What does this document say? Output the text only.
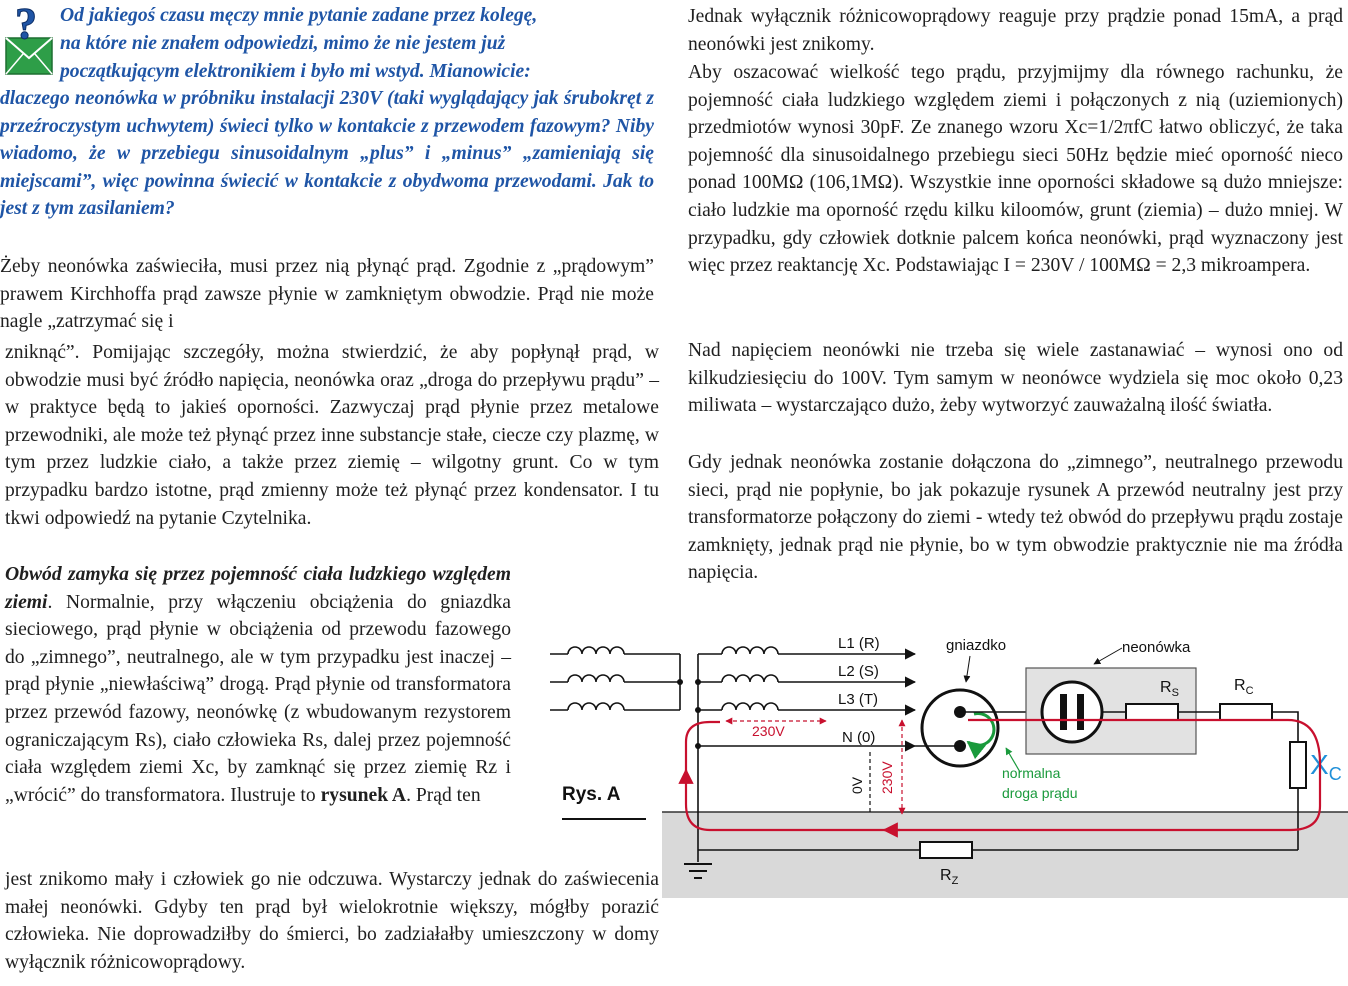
? Od jakiegoś czasu męczy mnie pytanie zadane przez kolegę,
na które nie znałem odpowiedzi, mimo że nie jestem już
początkującym elektronikiem i było mi wstyd. Mianowicie:
dlaczego neonówka w próbniku instalacji 230V (taki wyglądający jak śrubokręt z przeźroczystym uchwytem) świeci tylko w kontakcie z przewodem fazowym? Niby wiadomo, że w przebiegu sinusoidalnym „plus” i „minus” „zamieniają się miejscami”, więc powinna świecić w kontakcie z obydwoma przewodami. Jak to jest z tym zasilaniem?

Żeby neonówka zaświeciła, musi przez nią płynąć prąd. Zgodnie z „prądowym” prawem Kirchhoffa prąd zawsze płynie w zamkniętym obwodzie. Prąd nie może nagle „zatrzymać się i

zniknąć”. Pomijając szczegóły, można stwierdzić, że aby popłynął prąd, w obwodzie musi być źródło napięcia, neonówka oraz „droga do przepływu prądu” – w praktyce będą to jakieś oporności. Zazwyczaj prąd płynie przez metalowe przewodniki, ale może też płynąć przez inne substancje stałe, ciecze czy plazmę, w tym przez ludzkie ciało, a także przez ziemię – wilgotny grunt. Co w tym przypadku bardzo istotne, prąd zmienny może też płynąć przez kondensator. I tu tkwi odpowiedź na pytanie Czytelnika.

Obwód zamyka się przez pojemność ciała ludzkiego względem ziemi. Normalnie, przy włączeniu obciążenia do gniazdka sieciowego, prąd płynie w obciążenia od przewodu fazowego do „zimnego”, neutralnego, ale w tym przypadku jest inaczej – prąd płynie „niewłaściwą” drogą. Prąd płynie od transformatora przez przewód fazowy, neonówkę (z wbudowanym rezystorem ograniczającym Rs), ciało człowieka Rs, dalej przez pojemność ciała względem ziemi Xc, by zamknąć się przez ziemię Rz i „wrócić” do transformatora. Ilustruje to rysunek A. Prąd ten

jest znikomo mały i człowiek go nie odczuwa. Wystarczy jednak do zaświecenia małej neonówki. Gdyby ten prąd był wielokrotnie większy, mógłby porazić człowieka. Nie doprowadziłby do śmierci, bo zadziałałby umieszczony w domy wyłącznik różnicowoprądowy.

Jednak wyłącznik różnicowoprądowy reaguje przy prądzie ponad 15mA, a prąd neonówki jest znikomy.

Aby oszacować wielkość tego prądu, przyjmijmy dla równego rachunku, że pojemność ciała ludzkiego względem ziemi i połączonych z nią (uziemionych) przedmiotów wynosi 30pF. Ze znanego wzoru Xc=1/2πfC łatwo obliczyć, że taka pojemność dla sinusoidalnego przebiegu sieci 50Hz będzie mieć oporność nieco ponad 100MΩ (106,1MΩ). Wszystkie inne oporności składowe są dużo mniejsze: ciało ludzkie ma oporność rzędu kilku kiloomów, grunt (ziemia) – dużo mniej. W przypadku, gdy człowiek dotknie palcem końca neonówki, prąd wyznaczony jest więc przez reaktancję Xc. Podstawiając I = 230V / 100MΩ = 2,3 mikroampera.

Nad napięciem neonówki nie trzeba się wiele zastanawiać – wynosi ono od kilkudziesięciu do 100V. Tym samym w neonówce wydziela się moc około 0,23 miliwata – wystarczająco dużo, żeby wytworzyć zauważalną ilość światła.

Gdy jednak neonówka zostanie dołączona do „zimnego”, neutralnego przewodu sieci, prąd nie popłynie, bo jak pokazuje rysunek A przewód neutralny jest przy transformatorze połączony do ziemi - wtedy też obwód do przepływu prądu zostaje zamknięty, jednak prąd nie płynie, bo w tym obwodzie praktycznie nie ma źródła napięcia.

L1 (R)
L2 (S)
L3 (T)
N (0)
230V
0V 230V
gniazdko
normalna
droga prądu
neonówka
$R_S$	$R_C$
$X_C$
$R_Z$
Rys. A
